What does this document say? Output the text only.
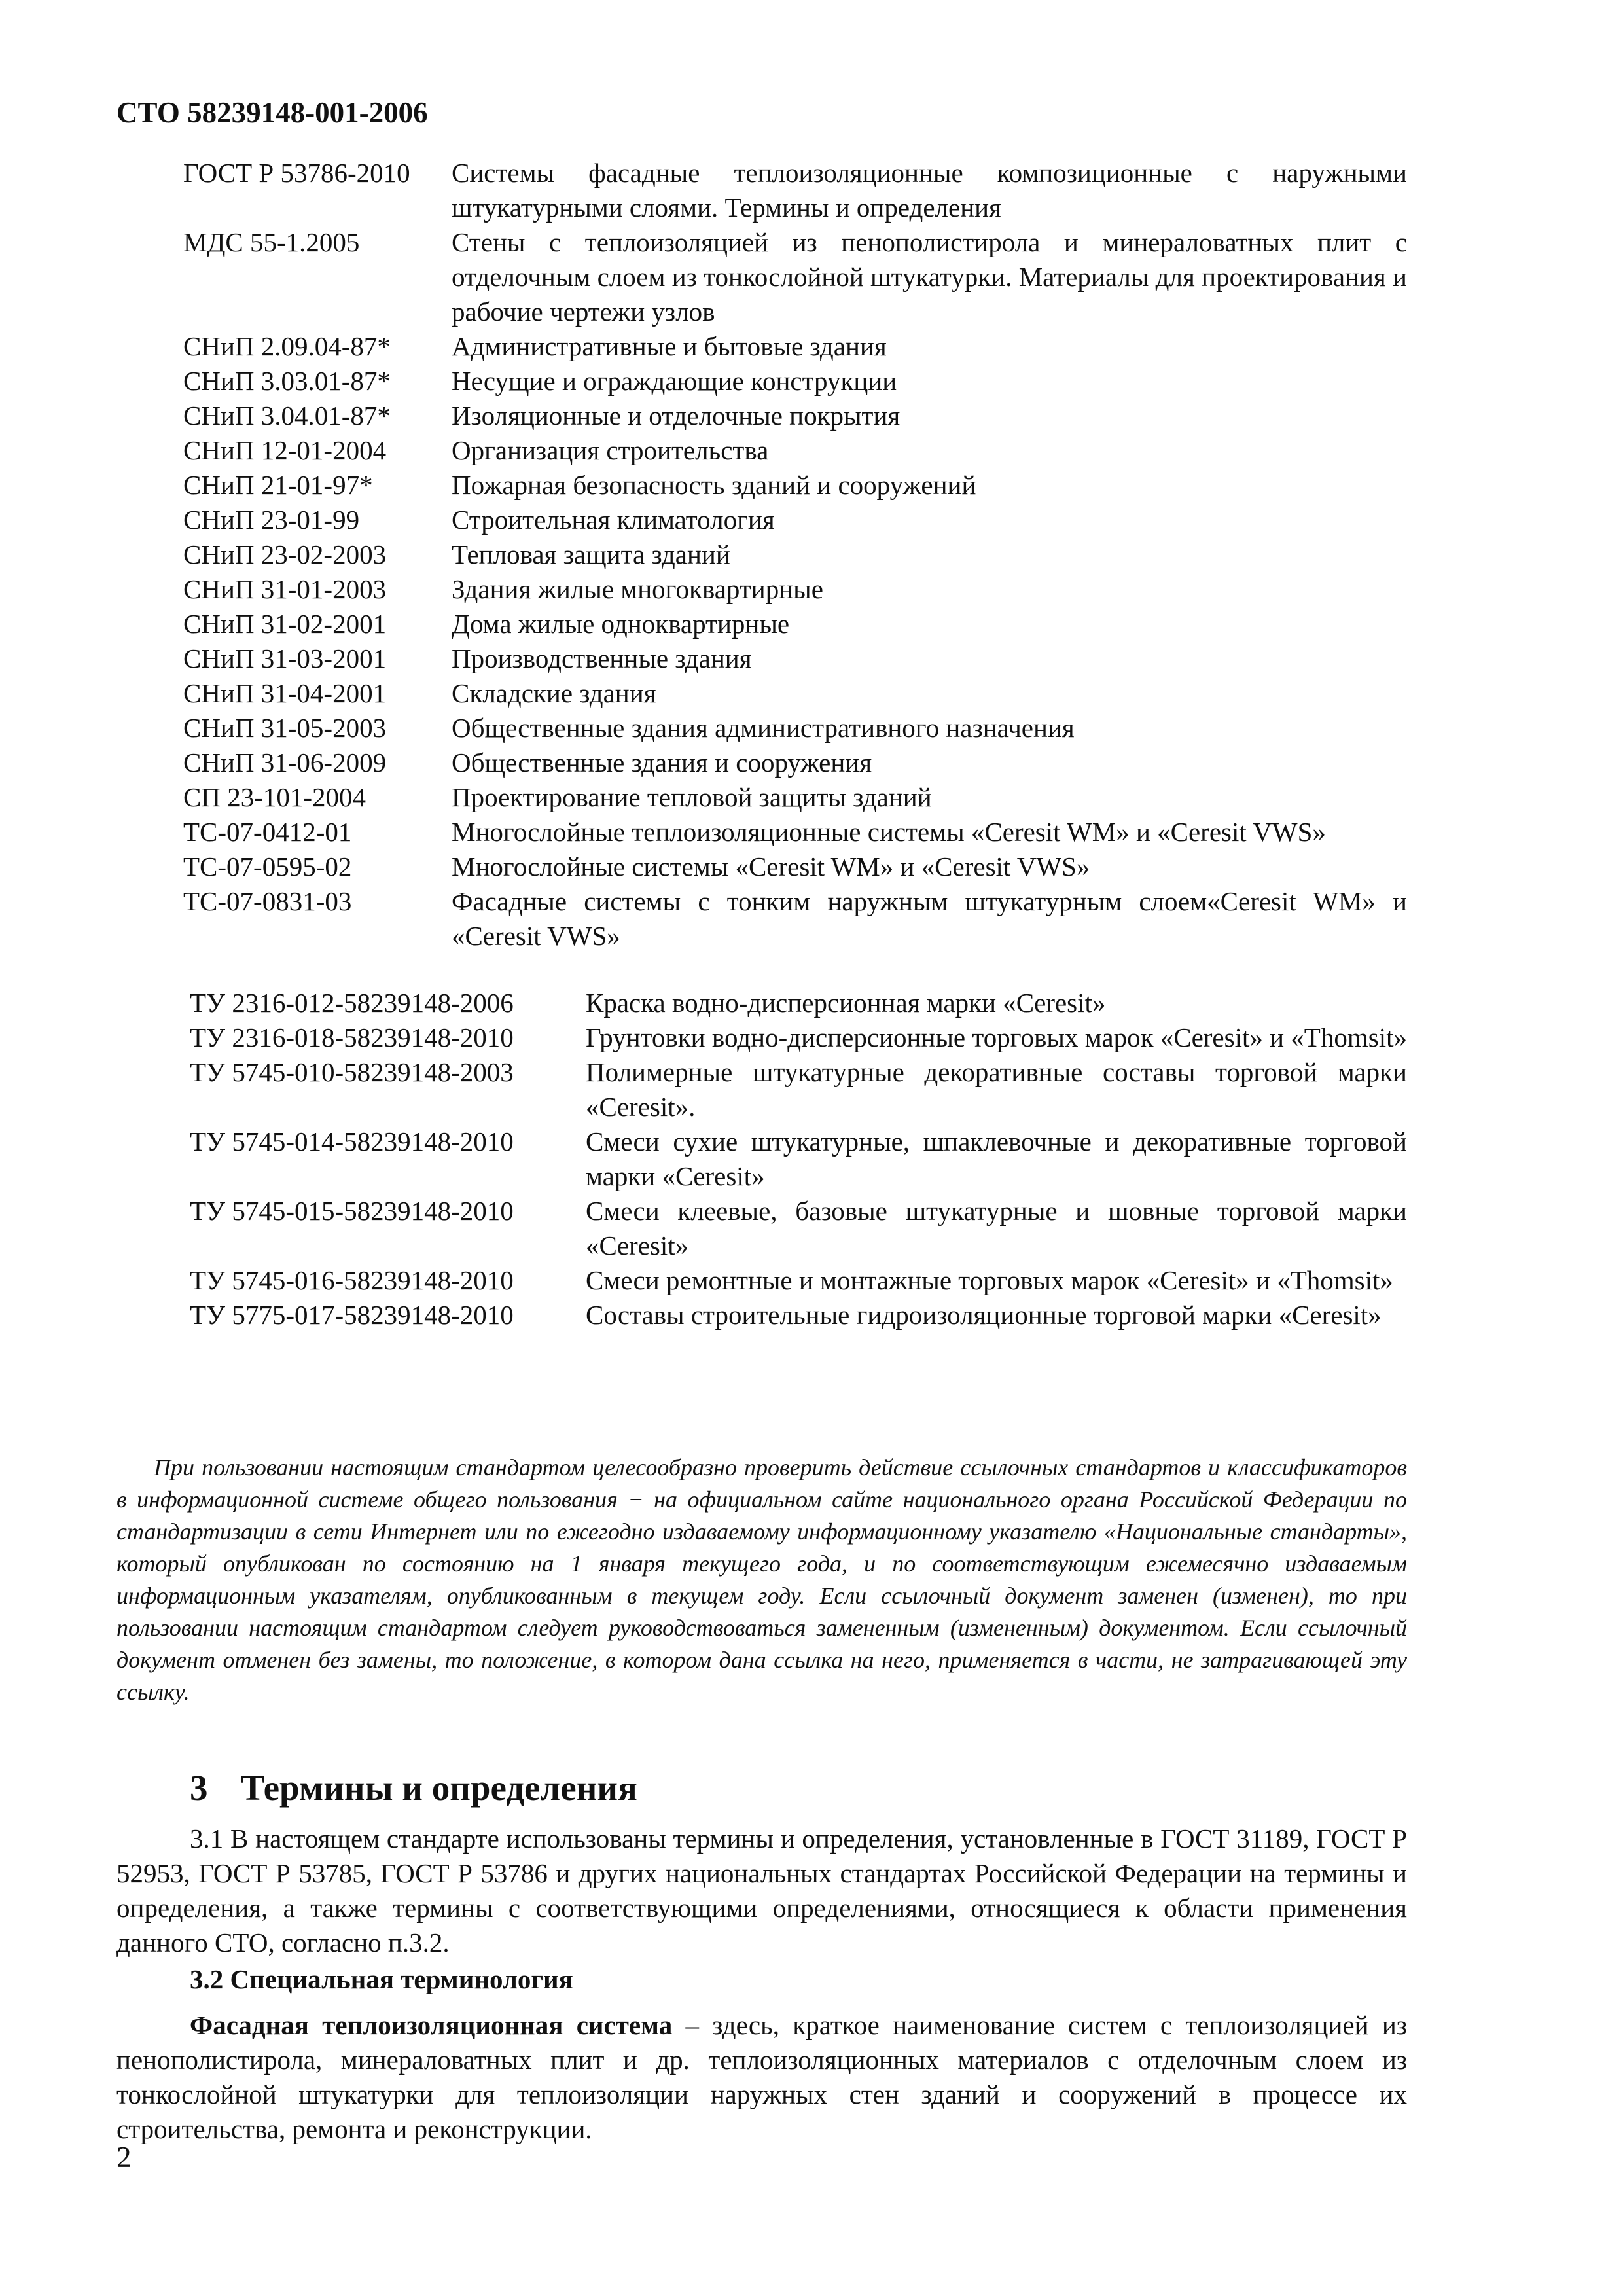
СТО 58239148-001-2006
ГОСТ Р 53786-2010	Системы фасадные теплоизоляционные композиционные с наружными штукатурными слоями. Термины и определения
МДС 55-1.2005	Стены с теплоизоляцией из пенополистирола и минераловатных плит с отделочным слоем из тонкослойной штукатурки. Материалы для проектирования и рабочие чертежи узлов
СНиП 2.09.04-87*	Административные и бытовые здания
СНиП 3.03.01-87*	Несущие и ограждающие конструкции
СНиП 3.04.01-87*	Изоляционные и отделочные покрытия
СНиП 12-01-2004	Организация строительства
СНиП 21-01-97*	Пожарная безопасность зданий и сооружений
СНиП 23-01-99	Строительная климатология
СНиП 23-02-2003	Тепловая защита зданий
СНиП 31-01-2003	Здания жилые многоквартирные
СНиП 31-02-2001	Дома жилые одноквартирные
СНиП 31-03-2001	Производственные здания
СНиП 31-04-2001	Складские здания
СНиП 31-05-2003	Общественные здания административного назначения
СНиП 31-06-2009	Общественные здания и сооружения
СП 23-101-2004	Проектирование тепловой защиты зданий
ТС-07-0412-01	Многослойные теплоизоляционные системы «Ceresit WM» и «Ceresit VWS»
ТС-07-0595-02	Многослойные системы «Ceresit WM» и «Ceresit VWS»
ТС-07-0831-03	Фасадные системы с тонким наружным штукатурным слоем«Ceresit WM» и «Ceresit VWS»
ТУ 2316-012-58239148-2006	Краска водно-дисперсионная марки «Ceresit»
ТУ 2316-018-58239148-2010	Грунтовки водно-дисперсионные торговых марок «Ceresit» и «Thomsit»
ТУ 5745-010-58239148-2003	Полимерные штукатурные декоративные составы торговой марки «Ceresit».
ТУ 5745-014-58239148-2010	Смеси сухие штукатурные, шпаклевочные и декоративные торговой марки «Ceresit»
ТУ 5745-015-58239148-2010	Смеси клеевые, базовые штукатурные и шовные торговой марки «Ceresit»
ТУ 5745-016-58239148-2010	Смеси ремонтные и монтажные торговых марок «Ceresit» и «Thomsit»
ТУ 5775-017-58239148-2010	Составы строительные гидроизоляционные торговой марки «Ceresit»
При пользовании настоящим стандартом целесообразно проверить действие ссылочных стандартов и классификаторов в информационной системе общего пользования − на официальном сайте национального органа Российской Федерации по стандартизации в сети Интернет или по ежегодно издаваемому информационному указателю «Национальные стандарты», который опубликован по состоянию на 1 января текущего года, и по соответствующим ежемесячно издаваемым информационным указателям, опубликованным в текущем году. Если ссылочный документ заменен (изменен), то при пользовании настоящим стандартом следует руководствоваться замененным (измененным) документом. Если ссылочный документ отменен без замены, то положение, в котором дана ссылка на него, применяется в части, не затрагивающей эту ссылку.
3 Термины и определения
3.1 В настоящем стандарте использованы термины и определения, установленные в ГОСТ 31189, ГОСТ Р 52953, ГОСТ Р 53785, ГОСТ Р 53786 и других национальных стандартах Российской Федерации на термины и определения, а также термины с соответствующими определениями, относящиеся к области применения данного СТО, согласно п.3.2.
3.2 Специальная терминология
Фасадная теплоизоляционная система – здесь, краткое наименование систем с теплоизоляцией из пенополистирола, минераловатных плит и др. теплоизоляционных материалов с отделочным слоем из тонкослойной штукатурки для теплоизоляции наружных стен зданий и сооружений в процессе их строительства, ремонта и реконструкции.
2
